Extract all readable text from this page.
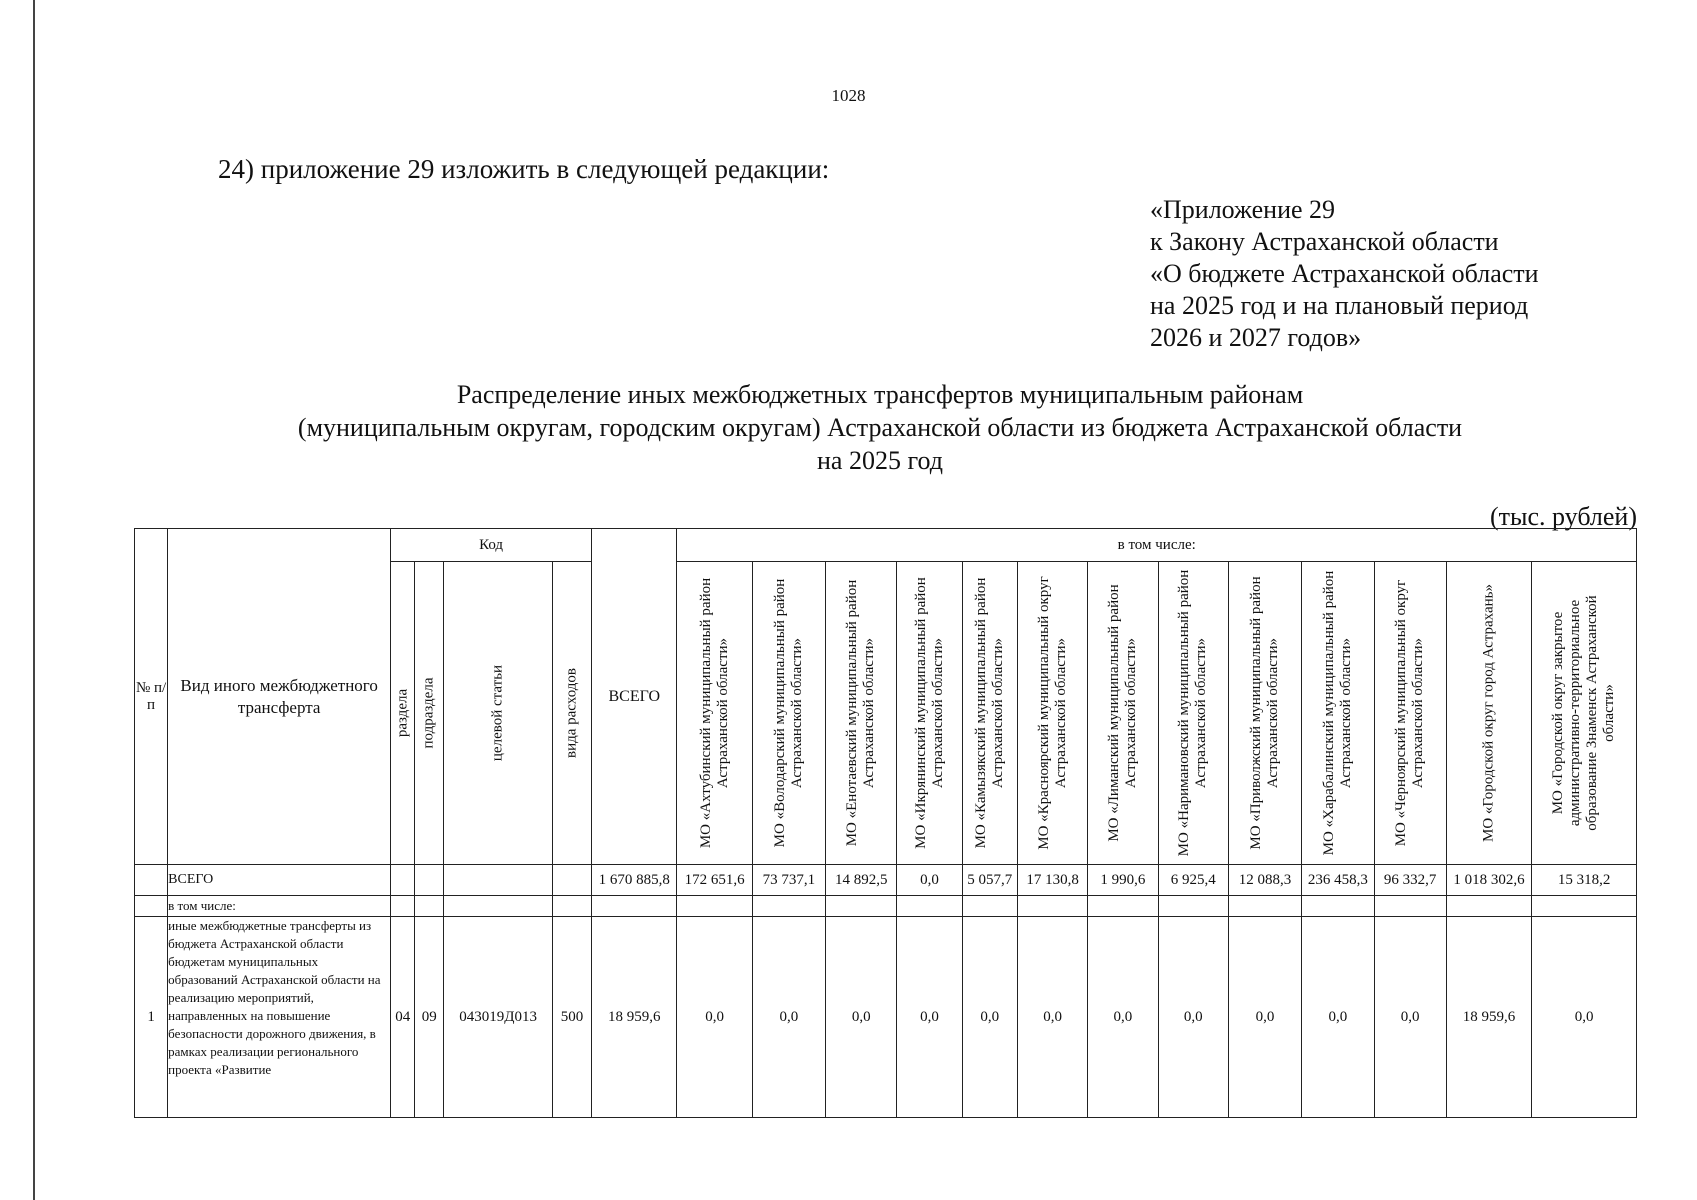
1028
24) приложение 29 изложить в следующей редакции:
«Приложение 29
к Закону Астраханской области
«О бюджете Астраханской области
на 2025 год и на плановый период
2026 и 2027 годов»
Распределение иных межбюджетных трансфертов муниципальным районам
(муниципальным округам, городским округам) Астраханской области из бюджета Астраханской области
на 2025 год
(тыс. рублей)
№ п/п	Вид иного межбюджетного трансферта	Код				ВСЕГО	в том числе:												

		раздела	подраздела	целевой статьи	вида расходов		МО «Ахтубинский муниципальный район Астраханской области»	МО «Володарский муниципальный район Астраханской области»	МО «Енотаевский муниципальный район Астраханской области»	МО «Икрянинский муниципальный район Астраханской области»	МО «Камызякский муниципальный район Астраханской области»	МО «Красноярский муниципальный округ Астраханской области»	МО «Лиманский муниципальный район Астраханской области»	МО «Наримановский муниципальный район Астраханской области»	МО «Приволжский муниципальный район Астраханской области»	МО «Харабалинский муниципальный район Астраханской области»	МО «Черноярский муниципальный округ Астраханской области»	МО «Городской округ город Астрахань»	МО «Городской округ закрытое административно-территориальное образование Знаменск Астраханской области»

	ВСЕГО					1 670 885,8	172 651,6	73 737,1	14 892,5	0,0	5 057,7	17 130,8	1 990,6	6 925,4	12 088,3	236 458,3	96 332,7	1 018 302,6	15 318,2
	в том числе:																		
1	иные межбюджетные трансферты из бюджета Астраханской области бюджетам муниципальных образований Астраханской области на реализацию мероприятий, направленных на повышение безопасности дорожного движения, в рамках реализации регионального проекта «Развитие	04	09	043019Д013	500	18 959,6	0,0	0,0	0,0	0,0	0,0	0,0	0,0	0,0	0,0	0,0	0,0	18 959,6	0,0
